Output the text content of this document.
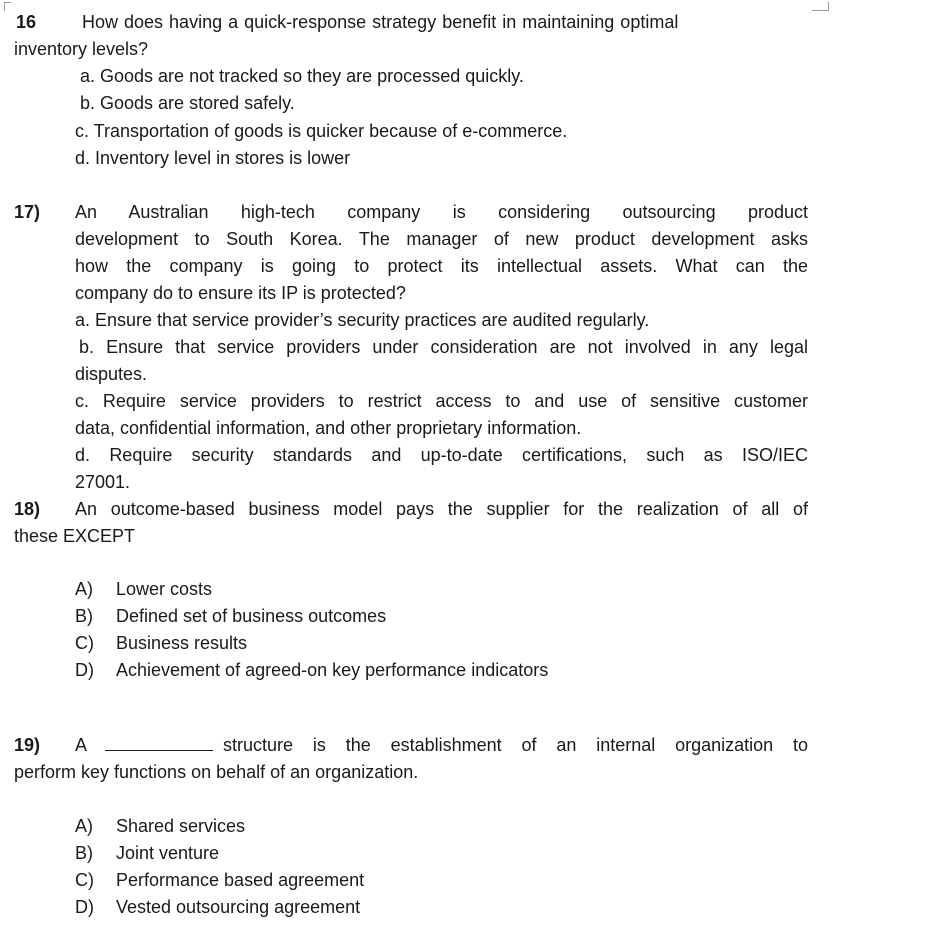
16	How does having a quick-response strategy benefit in maintaining optimal
inventory levels?
a. Goods are not tracked so they are processed quickly.
b. Goods are stored safely.
c. Transportation of goods is quicker because of e-commerce.
d. Inventory level in stores is lower
17) An Australian high-tech company is considering outsourcing product
development to South Korea. The manager of new product development asks
how the company is going to protect its intellectual assets. What can the
company do to ensure its IP is protected?
a. Ensure that service provider’s security practices are audited regularly.
b. Ensure that service providers under consideration are not involved in any legal
disputes.
c. Require service providers to restrict access to and use of sensitive customer
data, confidential information, and other proprietary information.
d. Require security standards and up-to-date certifications, such as ISO/IEC
27001.
18) An outcome-based business model pays the supplier for the realization of all of
these EXCEPT
A) Lower costs
B) Defined set of business outcomes
C) Business results
D) Achievement of agreed-on key performance indicators
19) A	structure is the establishment of an internal organization to
perform key functions on behalf of an organization.
A) Shared services
B) Joint venture
C) Performance based agreement
D) Vested outsourcing agreement
